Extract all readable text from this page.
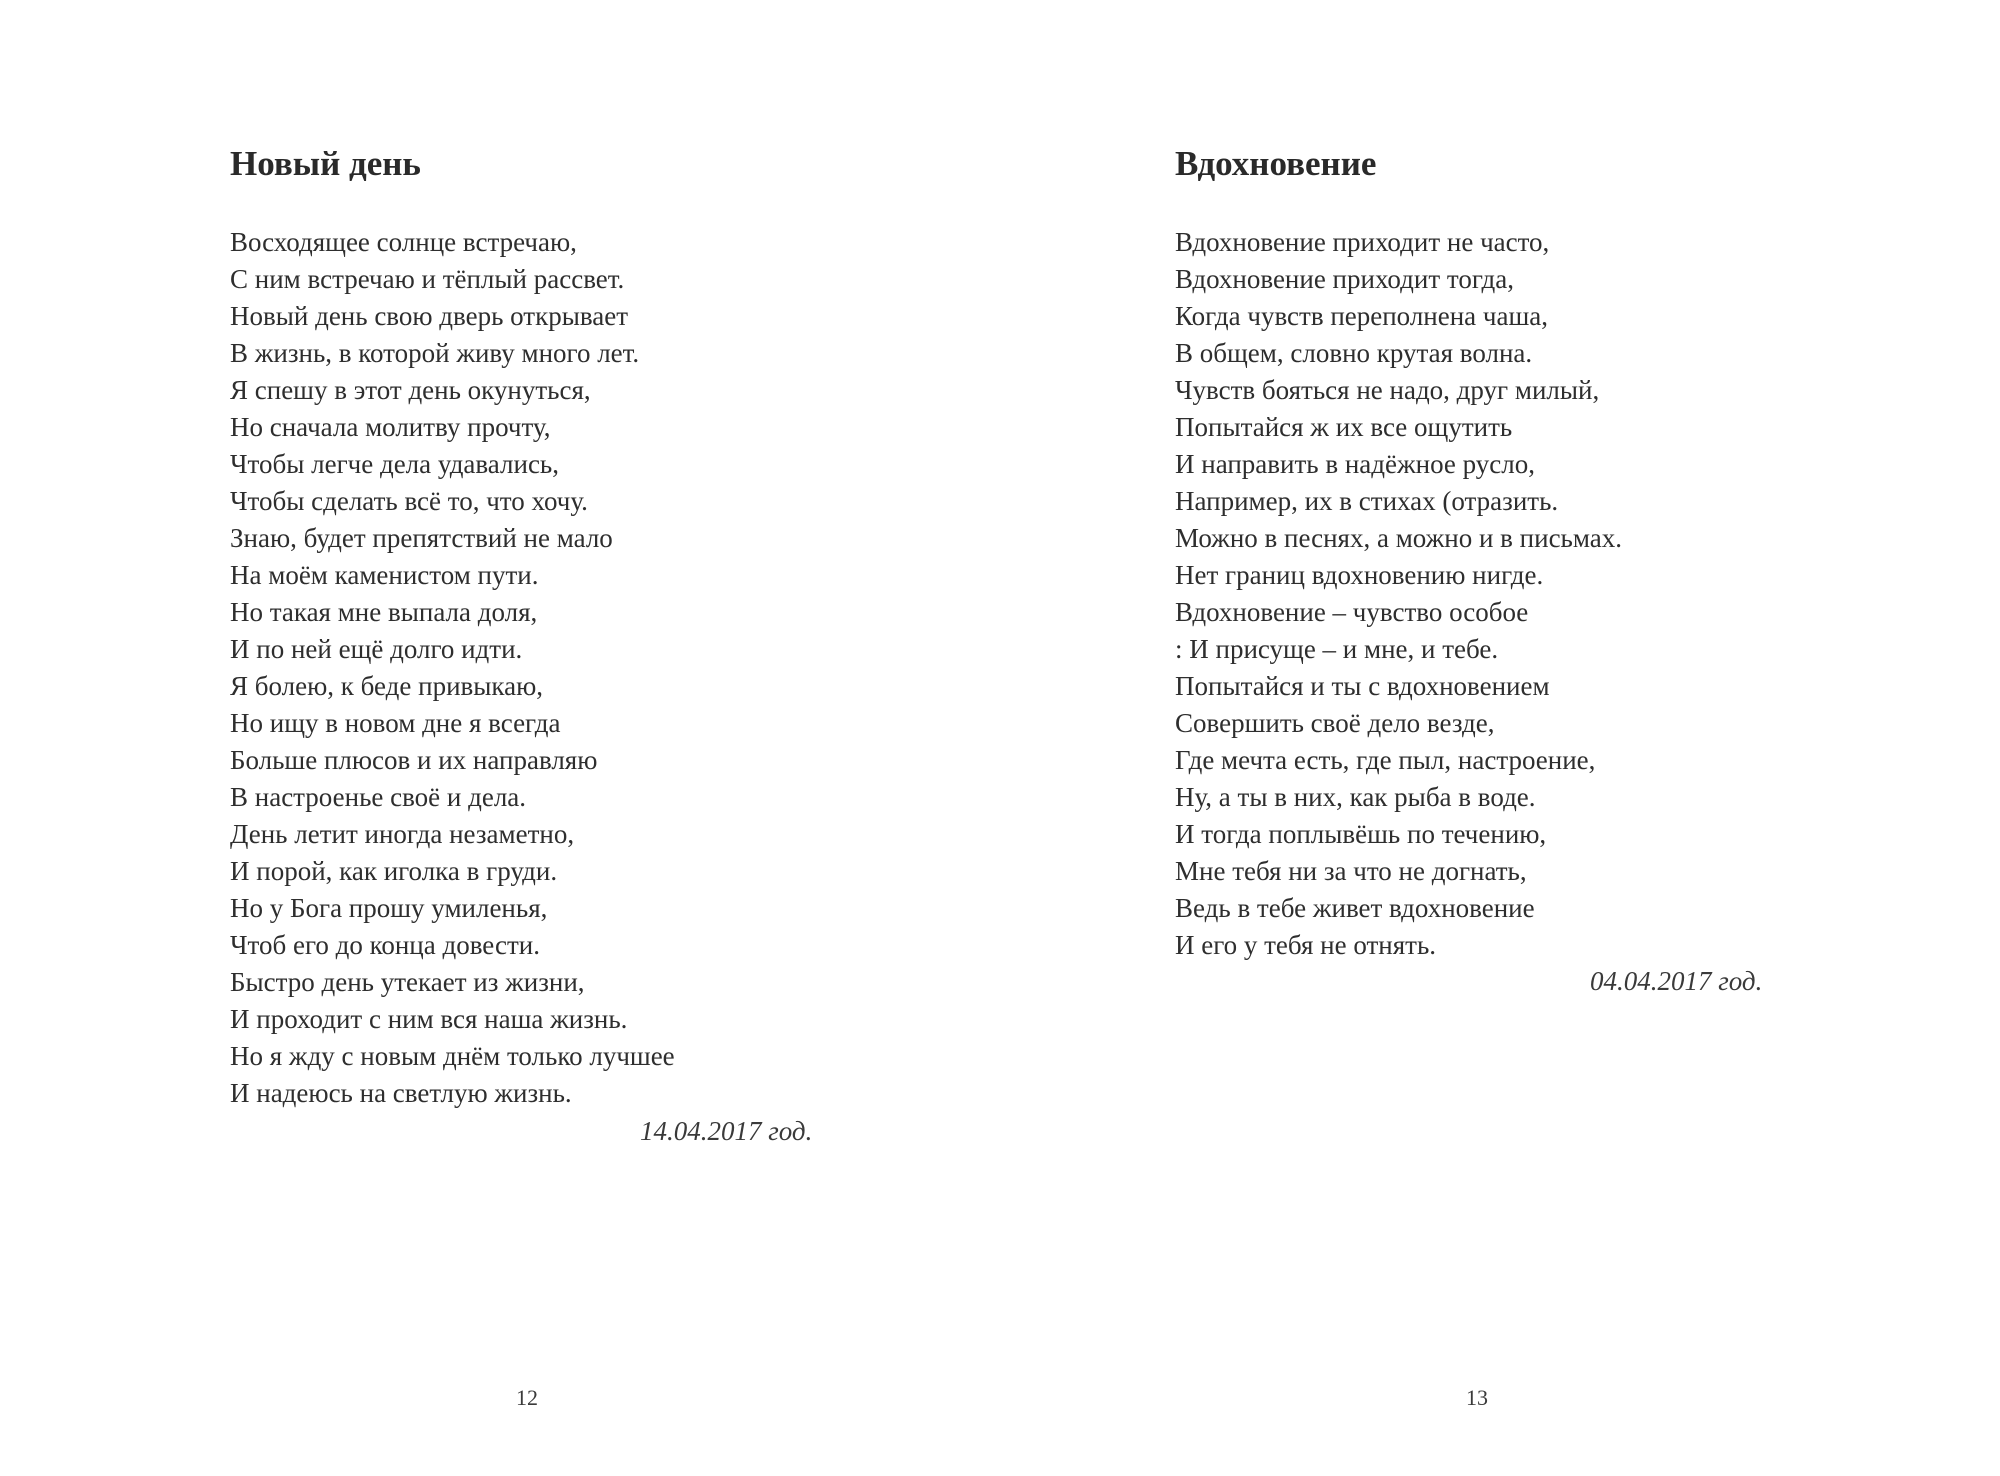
Новый день
Восходящее солнце встречаю,
С ним встречаю и тёплый рассвет.
Новый день свою дверь открывает
В жизнь, в которой живу много лет.
Я спешу в этот день окунуться,
Но сначала молитву прочту,
Чтобы легче дела удавались,
Чтобы сделать всё то, что хочу.
Знаю, будет препятствий не мало
На моём каменистом пути.
Но такая мне выпала доля,
И по ней ещё долго идти.
Я болею, к беде привыкаю,
Но ищу в новом дне я всегда
Больше плюсов и их направляю
В настроенье своё и дела.
День летит иногда незаметно,
И порой, как иголка в груди.
Но у Бога прошу умиленья,
Чтоб его до конца довести.
Быстро день утекает из жизни,
И проходит с ним вся наша жизнь.
Но я жду с новым днём только лучшее
И надеюсь на светлую жизнь.
14.04.2017 год.
12
Вдохновение
Вдохновение приходит не часто,
Вдохновение приходит тогда,
Когда чувств переполнена чаша,
В общем, словно крутая волна.
Чувств бояться не надо, друг милый,
Попытайся ж их все ощутить
И направить в надёжное русло,
Например, их в стихах (отразить.
Можно в песнях, а можно и в письмах.
Нет границ вдохновению нигде.
Вдохновение – чувство особое
: И присуще – и мне, и тебе.
Попытайся и ты с вдохновением
Совершить своё дело везде,
Где мечта есть, где пыл, настроение,
Ну, а ты в них, как рыба в воде.
И тогда поплывёшь по течению,
Мне тебя ни за что не догнать,
Ведь в тебе живет вдохновение
И его у тебя не отнять.
04.04.2017 год.
13
